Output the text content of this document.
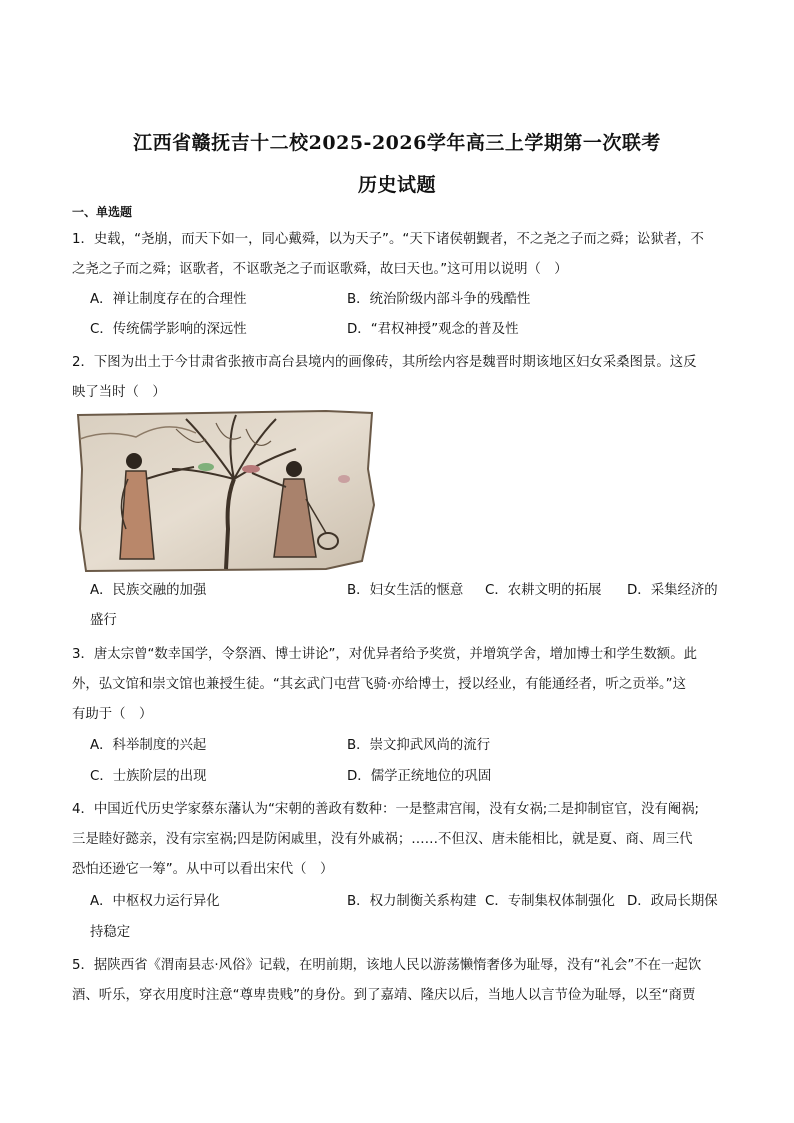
江西省赣抚吉十二校2025-2026学年高三上学期第一次联考
历史试题
一、单选题
1．史载，“尧崩，而天下如一，同心戴舜，以为天子”。“天下诸侯朝觐者，不之尧之子而之舜；讼狱者，不
之尧之子而之舜；讴歌者，不讴歌尧之子而讴歌舜，故曰天也。”这可用以说明（　）
A．禅让制度存在的合理性	B．统治阶级内部斗争的残酷性
C．传统儒学影响的深远性	D．“君权神授”观念的普及性
2．下图为出土于今甘肃省张掖市高台县境内的画像砖，其所绘内容是魏晋时期该地区妇女采桑图景。这反
映了当时（　）
A．民族交融的加强	B．妇女生活的惬意 C．农耕文明的拓展 D．采集经济的
盛行
3．唐太宗曾“数幸国学，令祭酒、博士讲论”，对优异者给予奖赏，并增筑学舍，增加博士和学生数额。此
外，弘文馆和崇文馆也兼授生徒。“其玄武门屯营飞骑·亦给博士，授以经业，有能通经者，听之贡举。”这
有助于（　）
A．科举制度的兴起	B．崇文抑武风尚的流行
C．士族阶层的出现	D．儒学正统地位的巩固
4．中国近代历史学家蔡东藩认为“宋朝的善政有数种：一是整肃宫闱，没有女祸;二是抑制宦官，没有阉祸;
三是睦好懿亲，没有宗室祸;四是防闲戚里，没有外戚祸；……不但汉、唐未能相比，就是夏、商、周三代
恐怕还逊它一筹”。从中可以看出宋代（　）
A．中枢权力运行异化	B．权力制衡关系构建 C．专制集权体制强化 D．政局长期保
持稳定
5．据陕西省《渭南县志·风俗》记载，在明前期，该地人民以游荡懒惰奢侈为耻辱，没有“礼会”不在一起饮
酒、听乐，穿衣用度时注意“尊卑贵贱”的身份。到了嘉靖、隆庆以后，当地人以言节俭为耻辱，以至“商贾
